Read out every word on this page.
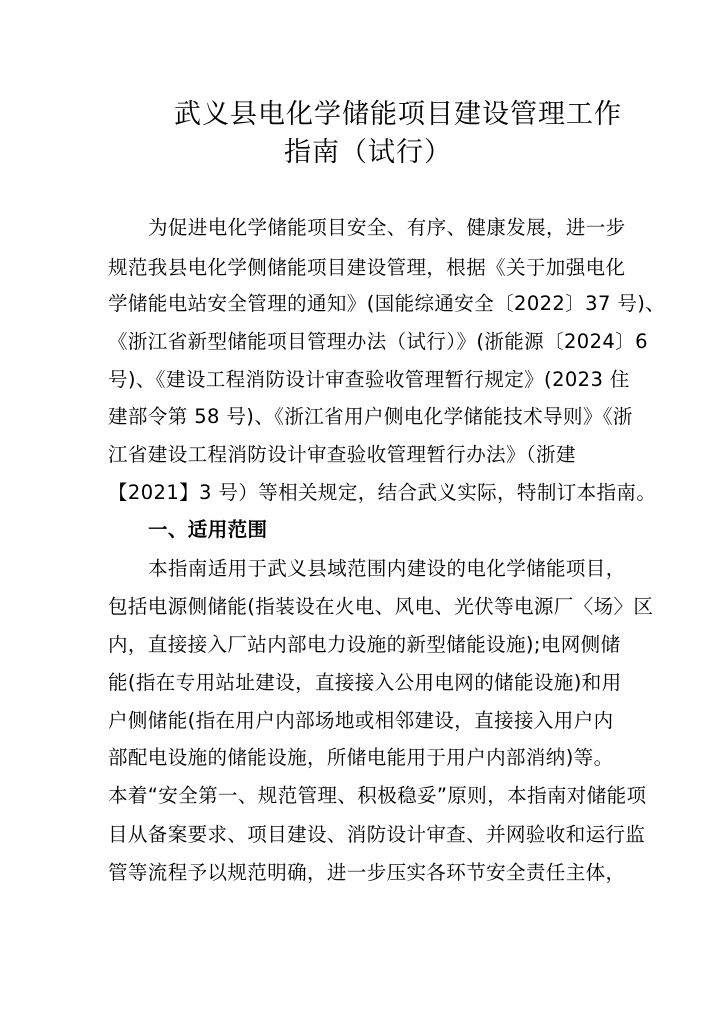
武义县电化学储能项目建设管理工作
指南（试行）
为促进电化学储能项目安全、有序、健康发展，进一步
规范我县电化学侧储能项目建设管理，根据《关于加强电化
学储能电站安全管理的通知》(国能综通安全〔2022〕37 号)、
《浙江省新型储能项目管理办法（试行）》(浙能源〔2024〕6
号)、《建设工程消防设计审查验收管理暂行规定》(2023 住
建部令第 58 号)、《浙江省用户侧电化学储能技术导则》《浙
江省建设工程消防设计审查验收管理暂行办法》（浙建
【2021】3 号）等相关规定，结合武义实际，特制订本指南。
一、适用范围
本指南适用于武义县域范围内建设的电化学储能项目，
包括电源侧储能(指装设在火电、风电、光伏等电源厂〈场〉区
内，直接接入厂站内部电力设施的新型储能设施);电网侧储
能(指在专用站址建设，直接接入公用电网的储能设施)和用
户侧储能(指在用户内部场地或相邻建设，直接接入用户内
部配电设施的储能设施，所储电能用于用户内部消纳)等。
本着“安全第一、规范管理、积极稳妥”原则，本指南对储能项
目从备案要求、项目建设、消防设计审查、并网验收和运行监
管等流程予以规范明确，进一步压实各环节安全责任主体，
